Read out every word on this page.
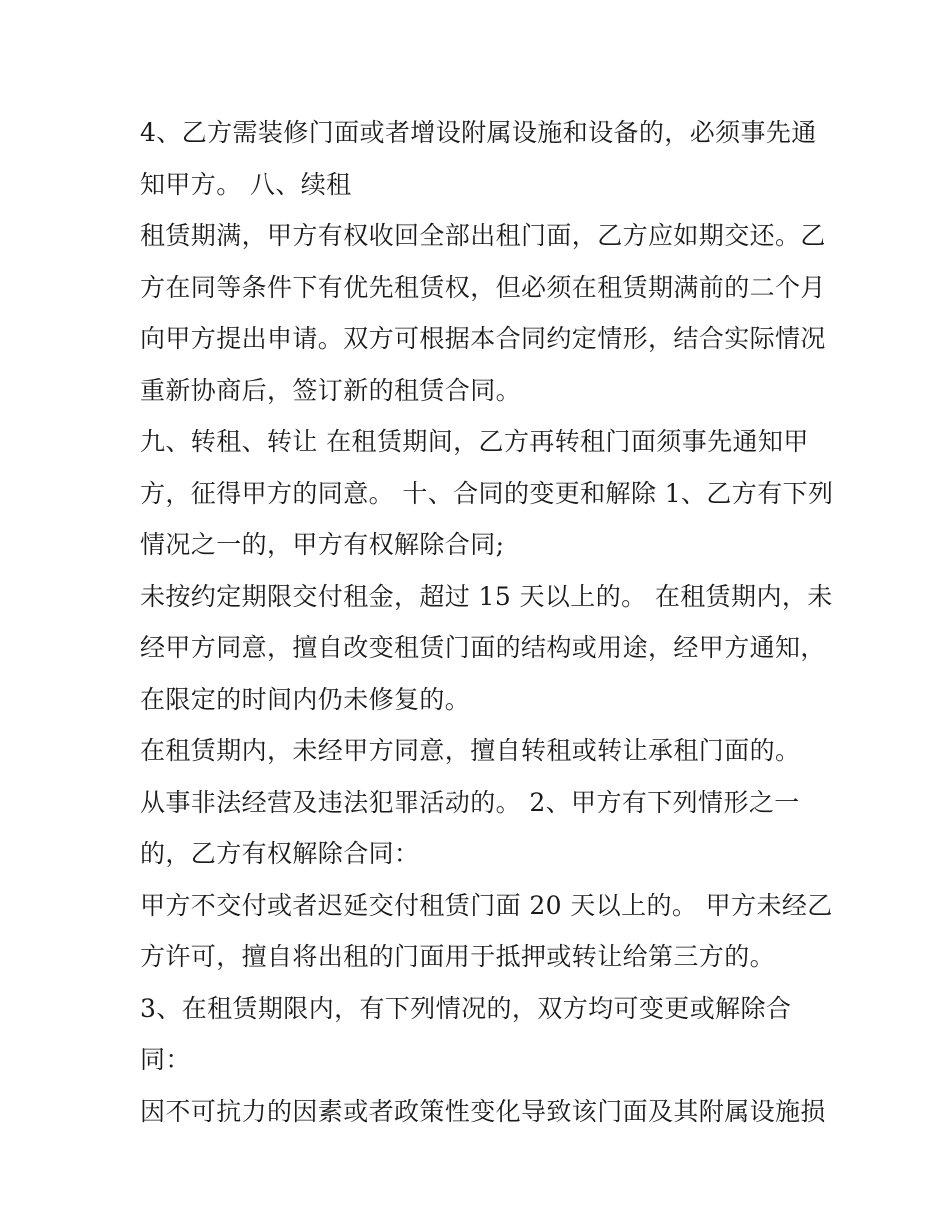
4、乙方需装修门面或者增设附属设施和设备的，必须事先通
知甲方。 八、续租
租赁期满，甲方有权收回全部出租门面，乙方应如期交还。乙
方在同等条件下有优先租赁权，但必须在租赁期满前的二个月
向甲方提出申请。双方可根据本合同约定情形，结合实际情况
重新协商后，签订新的租赁合同。
九、转租、转让 在租赁期间，乙方再转租门面须事先通知甲
方，征得甲方的同意。 十、合同的变更和解除 1、乙方有下列
情况之一的，甲方有权解除合同;
未按约定期限交付租金，超过 15 天以上的。 在租赁期内，未
经甲方同意，擅自改变租赁门面的结构或用途，经甲方通知，
在限定的时间内仍未修复的。
在租赁期内，未经甲方同意，擅自转租或转让承租门面的。
从事非法经营及违法犯罪活动的。 2、甲方有下列情形之一
的，乙方有权解除合同：
甲方不交付或者迟延交付租赁门面 20 天以上的。 甲方未经乙
方许可，擅自将出租的门面用于抵押或转让给第三方的。
3、在租赁期限内，有下列情况的，双方均可变更或解除合
同：
因不可抗力的因素或者政策性变化导致该门面及其附属设施损
